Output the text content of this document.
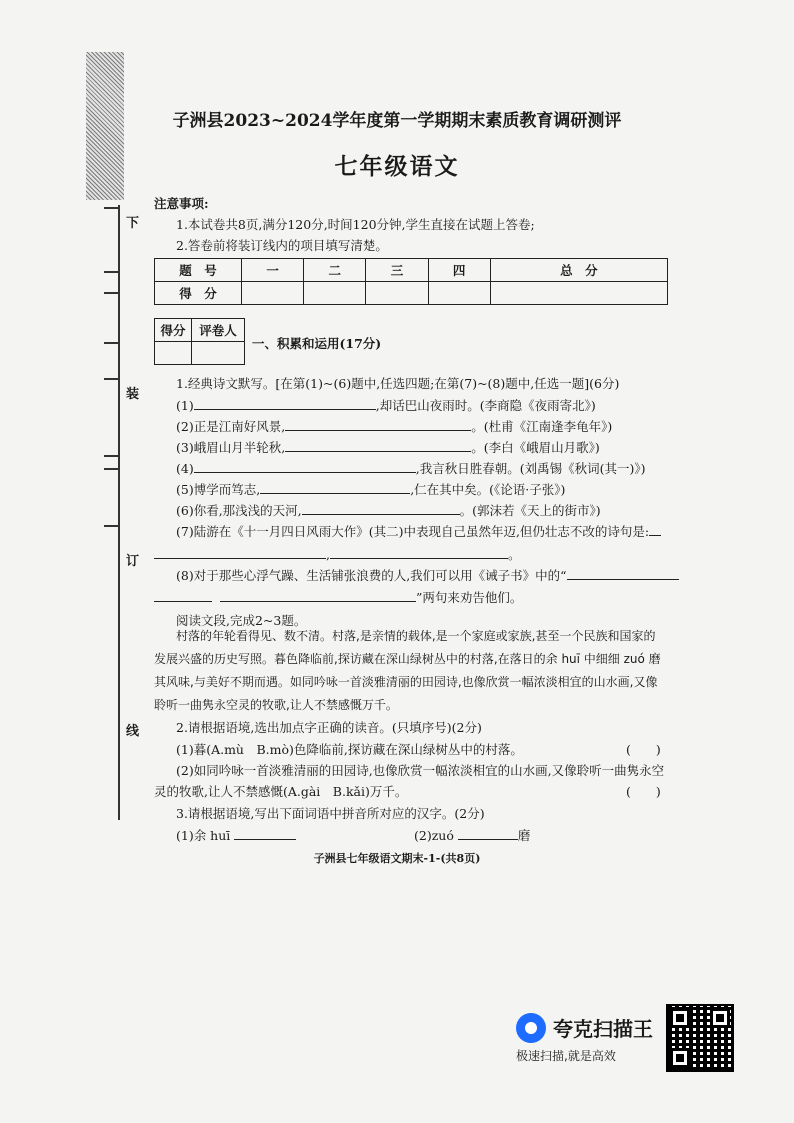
下
装
订
线
子洲县2023~2024学年度第一学期期末素质教育调研测评
七年级语文
注意事项:
1.本试卷共8页,满分120分,时间120分钟,学生直接在试题上答卷;
2.答卷前将装订线内的项目填写清楚。
题　号	一	二	三	四	总　分
得　分					
得分	评卷人

一、积累和运用(17分)
1.经典诗文默写。[在第(1)~(6)题中,任选四题;在第(7)~(8)题中,任选一题](6分)
(1)	,却话巴山夜雨时。(李商隐《夜雨寄北》)
(2)正是江南好风景,	。(杜甫《江南逢李龟年》)
(3)峨眉山月半轮秋,	。(李白《峨眉山月歌》)
(4)	,我言秋日胜春朝。(刘禹锡《秋词(其一)》)
(5)博学而笃志,	,仁在其中矣。(《论语·子张》)
(6)你看,那浅浅的天河,	。(郭沫若《天上的街市》)
(7)陆游在《十一月四日风雨大作》(其二)中表现自己虽然年迈,但仍壮志不改的诗句是:
,	。
(8)对于那些心浮气躁、生活铺张浪费的人,我们可以用《诫子书》中的“
”两句来劝告他们。
阅读文段,完成2~3题。
村落的年轮看得见、数不清。村落,是亲情的载体,是一个家庭或家族,甚至一个民族和国家的发展兴盛的历史写照。暮色降临前,探访藏在深山绿树丛中的村落,在落日的余 huī 中细细 zuó 磨其风味,与美好不期而遇。如同吟咏一首淡雅清丽的田园诗,也像欣赏一幅浓淡相宜的山水画,又像聆听一曲隽永空灵的牧歌,让人不禁感慨万千。
2.请根据语境,选出加点字正确的读音。(只填序号)(2分)
(1)暮(A.mù　B.mò)色降临前,探访藏在深山绿树丛中的村落。	(　　)
(2)如同吟咏一首淡雅清丽的田园诗,也像欣赏一幅浓淡相宜的山水画,又像聆听一曲隽永空
灵的牧歌,让人不禁感慨(A.gài　B.kǎi)万千。	(　　)
3.请根据语境,写出下面词语中拼音所对应的汉字。(2分)
(1)余 huī	(2)zuó	磨
子洲县七年级语文期末-1-(共8页)
夸克扫描王
极速扫描,就是高效
